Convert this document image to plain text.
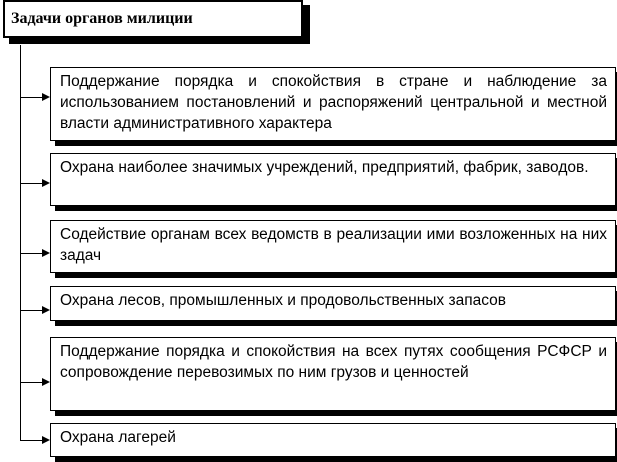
Задачи органов милиции
Поддержание порядка и спокойствия в стране и наблюдение за использованием постановлений и распоряжений центральной и местной власти административного характера
Охрана наиболее значимых учреждений, предприятий, фабрик, заводов.
Содействие органам всех ведомств в реализации ими возложенных на них задач
Охрана лесов, промышленных и продовольственных запасов
Поддержание порядка и спокойствия на всех путях сообщения РСФСР и сопровождение перевозимых по ним грузов и ценностей
Охрана лагерей
